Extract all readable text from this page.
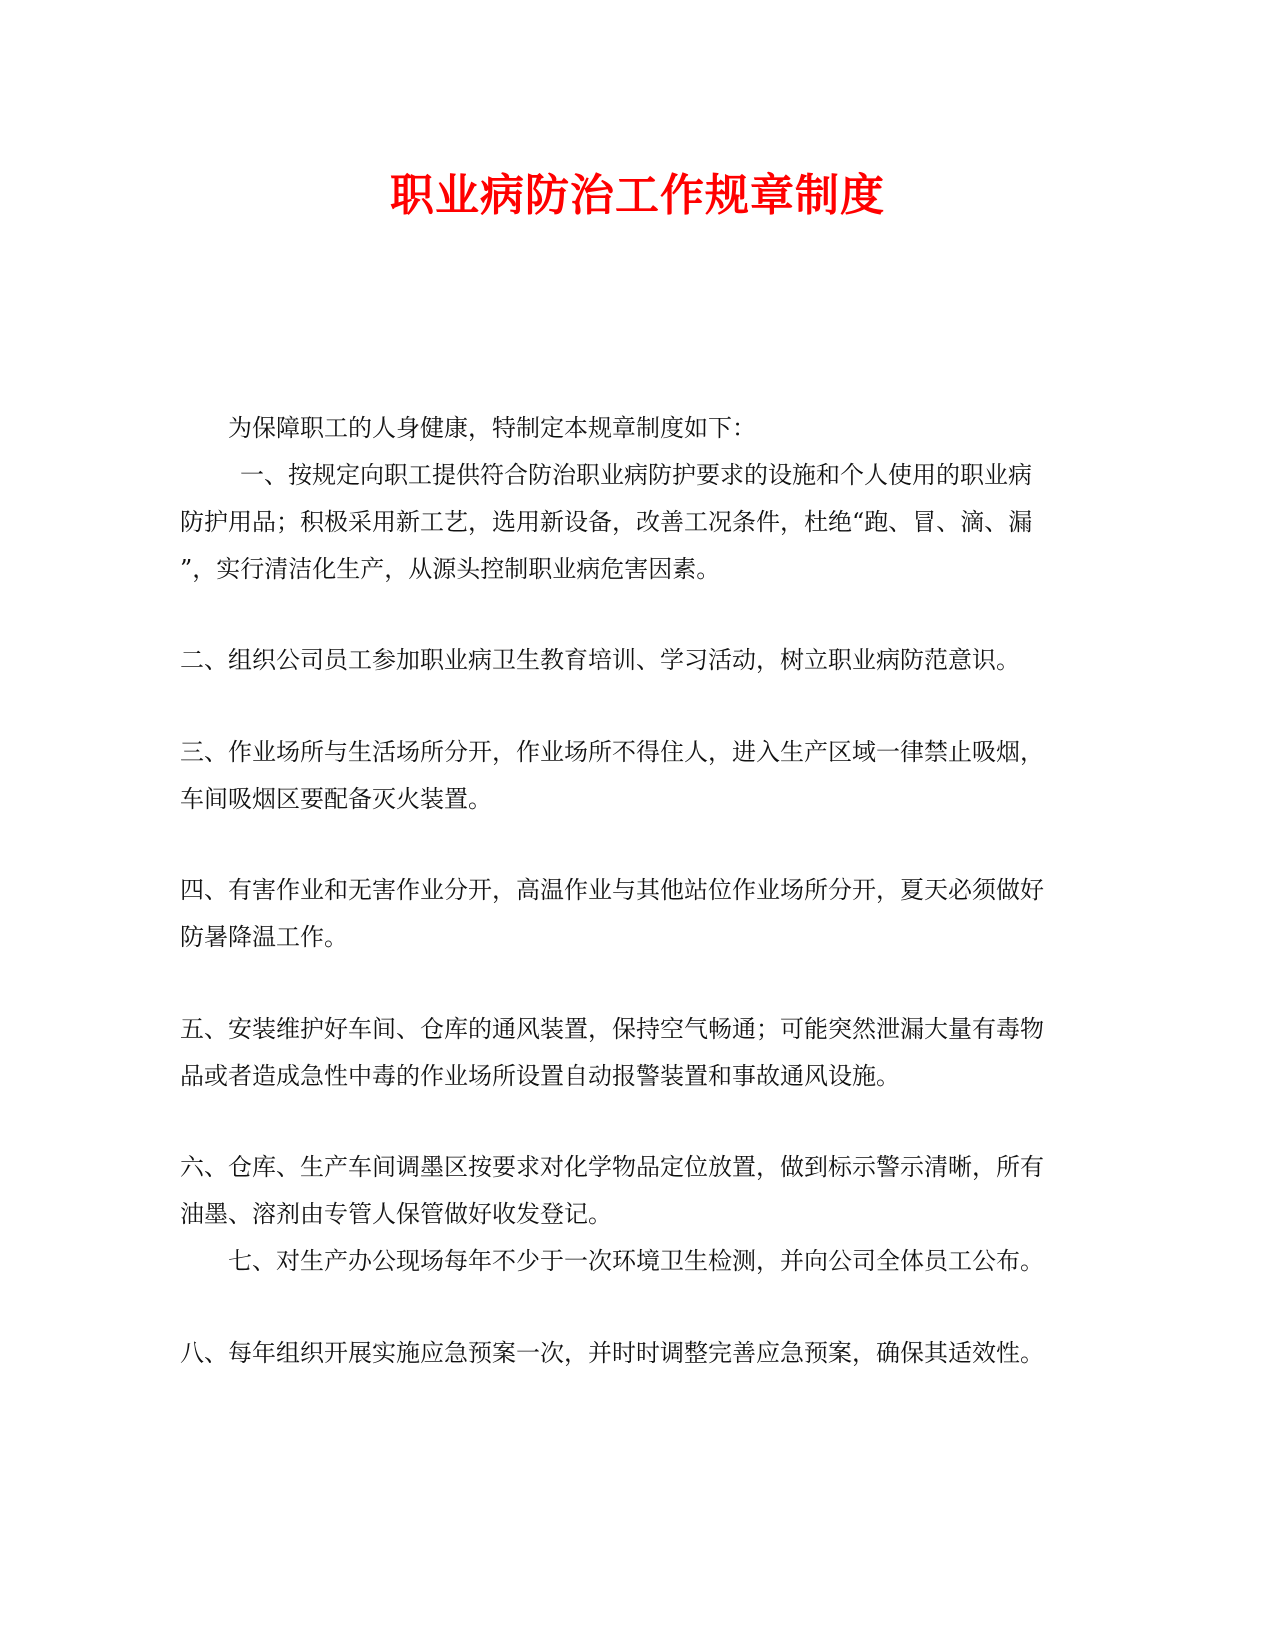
职业病防治工作规章制度
为保障职工的人身健康，特制定本规章制度如下：
一、按规定向职工提供符合防治职业病防护要求的设施和个人使用的职业病
防护用品；积极采用新工艺，选用新设备，改善工况条件，杜绝“跑、冒、滴、漏
”，实行清洁化生产，从源头控制职业病危害因素。
二、组织公司员工参加职业病卫生教育培训、学习活动，树立职业病防范意识。
三、作业场所与生活场所分开，作业场所不得住人，进入生产区域一律禁止吸烟，
车间吸烟区要配备灭火装置。
四、有害作业和无害作业分开，高温作业与其他站位作业场所分开，夏天必须做好
防暑降温工作。
五、安装维护好车间、仓库的通风装置，保持空气畅通；可能突然泄漏大量有毒物
品或者造成急性中毒的作业场所设置自动报警装置和事故通风设施。
六、仓库、生产车间调墨区按要求对化学物品定位放置，做到标示警示清晰，所有
油墨、溶剂由专管人保管做好收发登记。
七、对生产办公现场每年不少于一次环境卫生检测，并向公司全体员工公布。
八、每年组织开展实施应急预案一次，并时时调整完善应急预案，确保其适效性。
